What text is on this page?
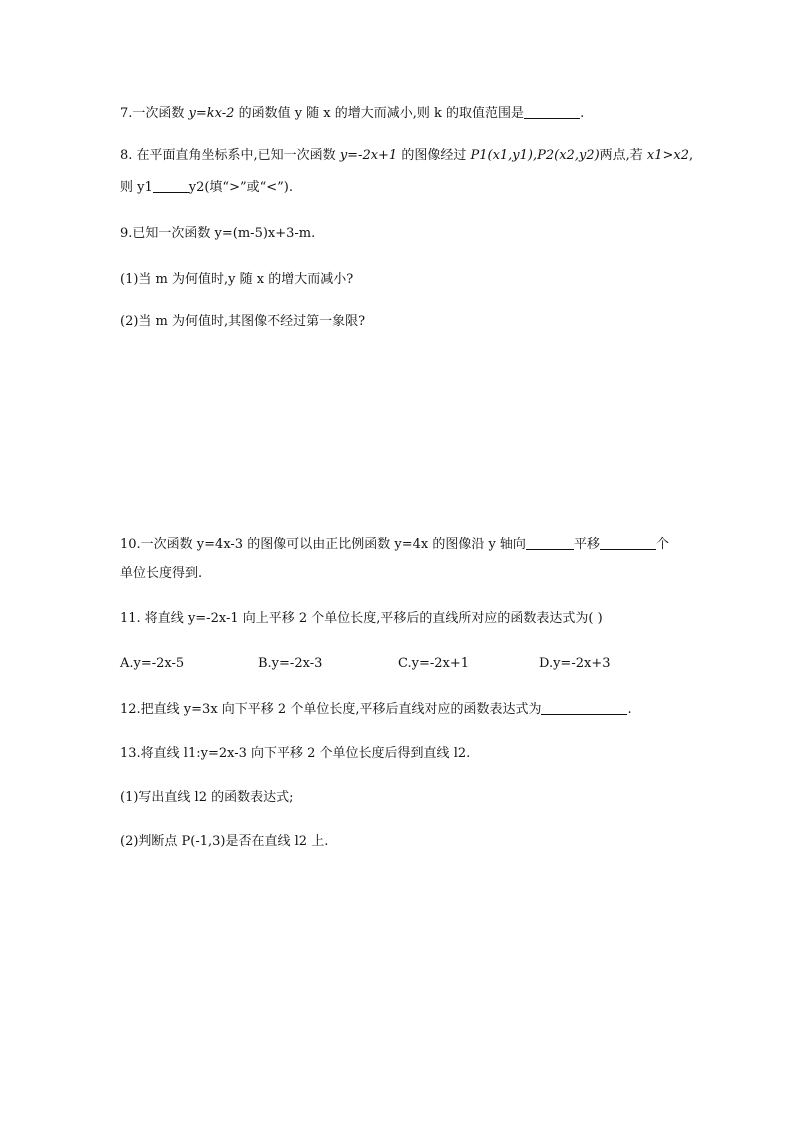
7.一次函数 y=kx-2 的函数值 y 随 x 的增大而减小,则 k 的取值范围是	.
8. 在平面直角坐标系中,已知一次函数 y=-2x+1 的图像经过 P1(x1,y1),P2(x2,y2)两点,若 x1>x2,
则 y1	y2(填“>”或“<”).
9.已知一次函数 y=(m-5)x+3-m.
(1)当 m 为何值时,y 随 x 的增大而减小?
(2)当 m 为何值时,其图像不经过第一象限?
10.一次函数 y=4x-3 的图像可以由正比例函数 y=4x 的图像沿 y 轴向	平移	个
单位长度得到.
11. 将直线 y=-2x-1 向上平移 2 个单位长度,平移后的直线所对应的函数表达式为( )
A.y=-2x-5	B.y=-2x-3	C.y=-2x+1	D.y=-2x+3
12.把直线 y=3x 向下平移 2 个单位长度,平移后直线对应的函数表达式为	.
13.将直线 l1:y=2x-3 向下平移 2 个单位长度后得到直线 l2.
(1)写出直线 l2 的函数表达式;
(2)判断点 P(-1,3)是否在直线 l2 上.
